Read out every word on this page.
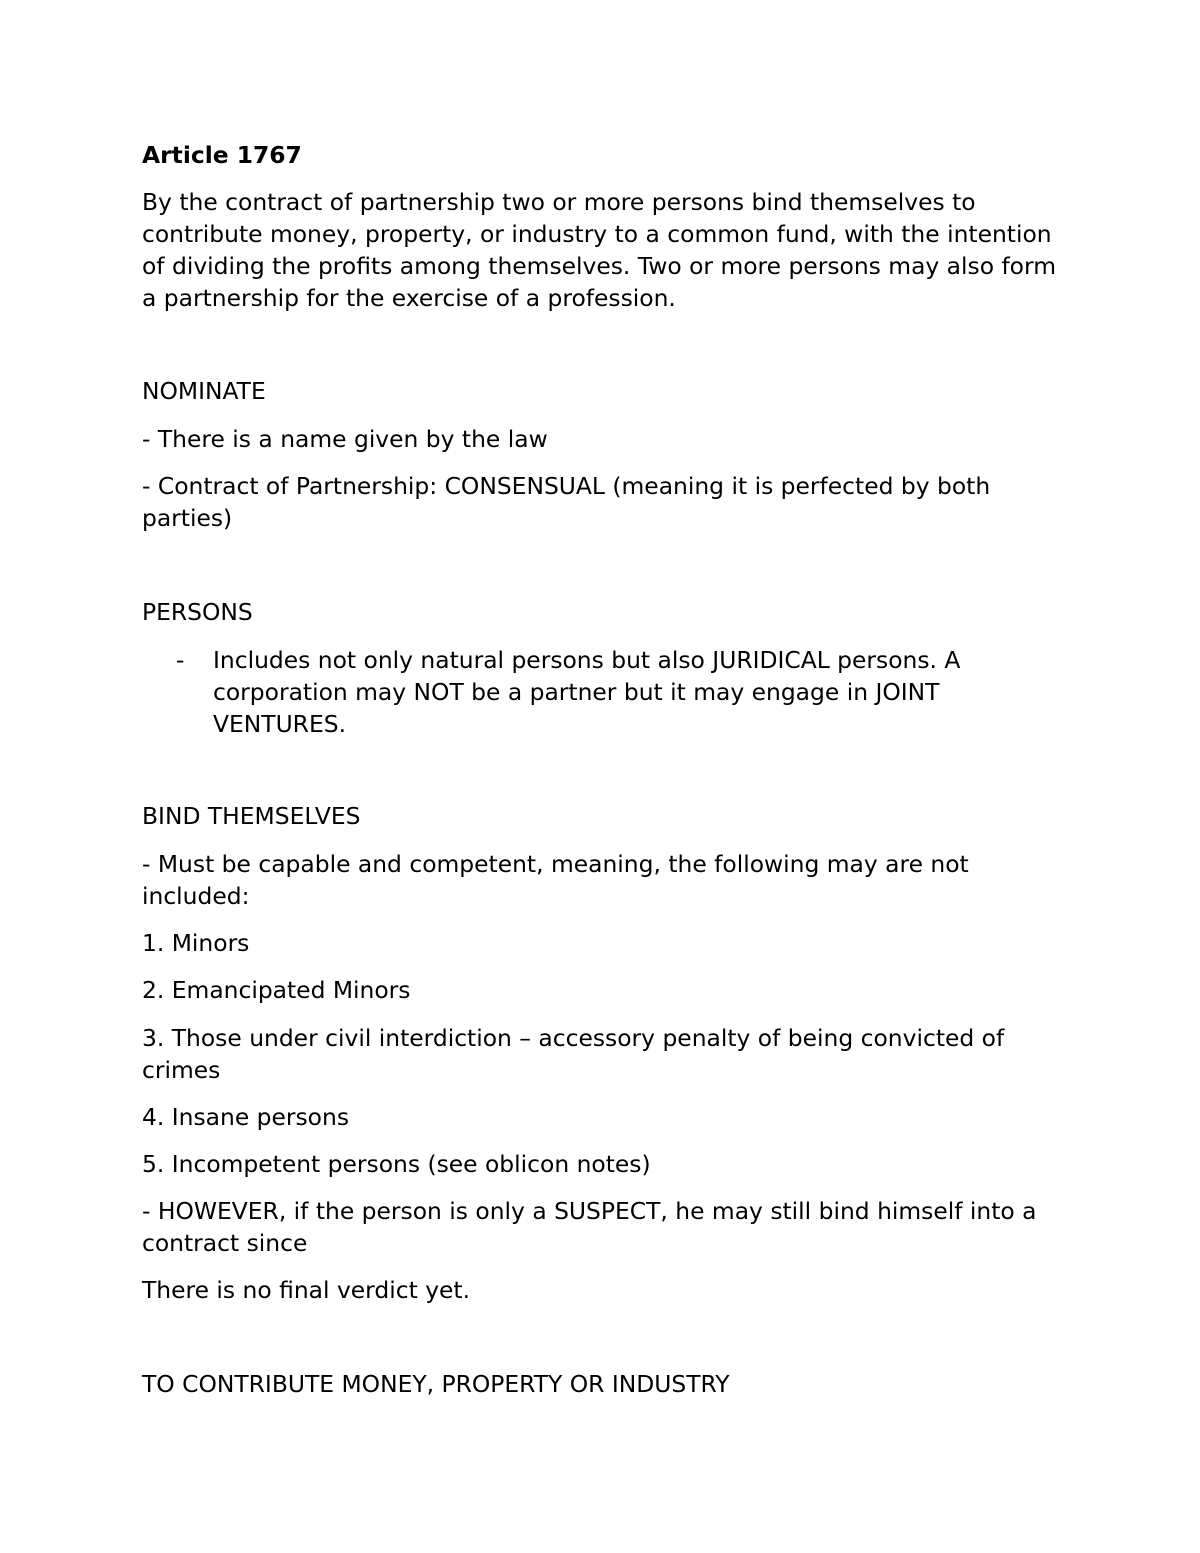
Article 1767
By the contract of partnership two or more persons bind themselves to contribute money, property, or industry to a common fund, with the intention of dividing the profits among themselves. Two or more persons may also form a partnership for the exercise of a profession.
NOMINATE
- There is a name given by the law
- Contract of Partnership: CONSENSUAL (meaning it is perfected by both parties)
PERSONS
- Includes not only natural persons but also JURIDICAL persons. A corporation may NOT be a partner but it may engage in JOINT VENTURES.
BIND THEMSELVES
- Must be capable and competent, meaning, the following may are not included:
1. Minors
2. Emancipated Minors
3. Those under civil interdiction – accessory penalty of being convicted of crimes
4. Insane persons
5. Incompetent persons (see oblicon notes)
- HOWEVER, if the person is only a SUSPECT, he may still bind himself into a contract since
There is no final verdict yet.
TO CONTRIBUTE MONEY, PROPERTY OR INDUSTRY
